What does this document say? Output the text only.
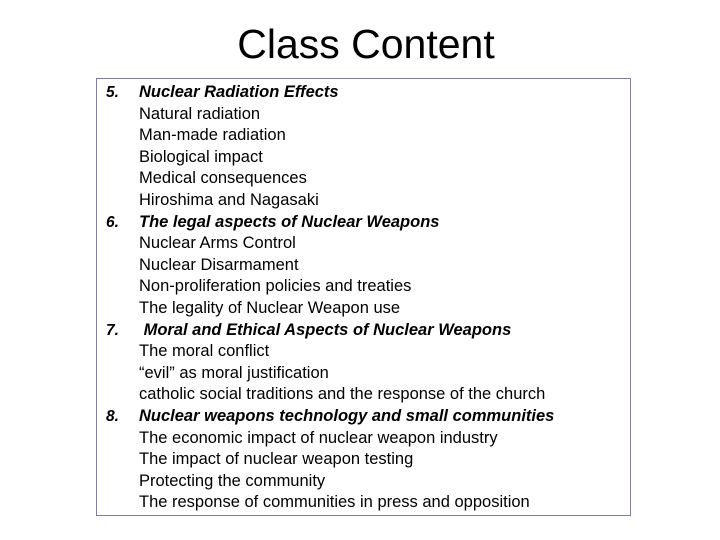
Class Content
5. Nuclear Radiation Effects
Natural radiation
Man-made radiation
Biological impact
Medical consequences
Hiroshima and Nagasaki
6. The legal aspects of Nuclear Weapons
Nuclear Arms Control
Nuclear Disarmament
Non-proliferation policies and treaties
The legality of Nuclear Weapon use
7. Moral and Ethical Aspects of Nuclear Weapons
The moral conflict
“evil” as moral justification
catholic social traditions and the response of the church
8. Nuclear weapons technology and small communities
The economic impact of nuclear weapon industry
The impact of nuclear weapon testing
Protecting the community
The response of communities in press and opposition
